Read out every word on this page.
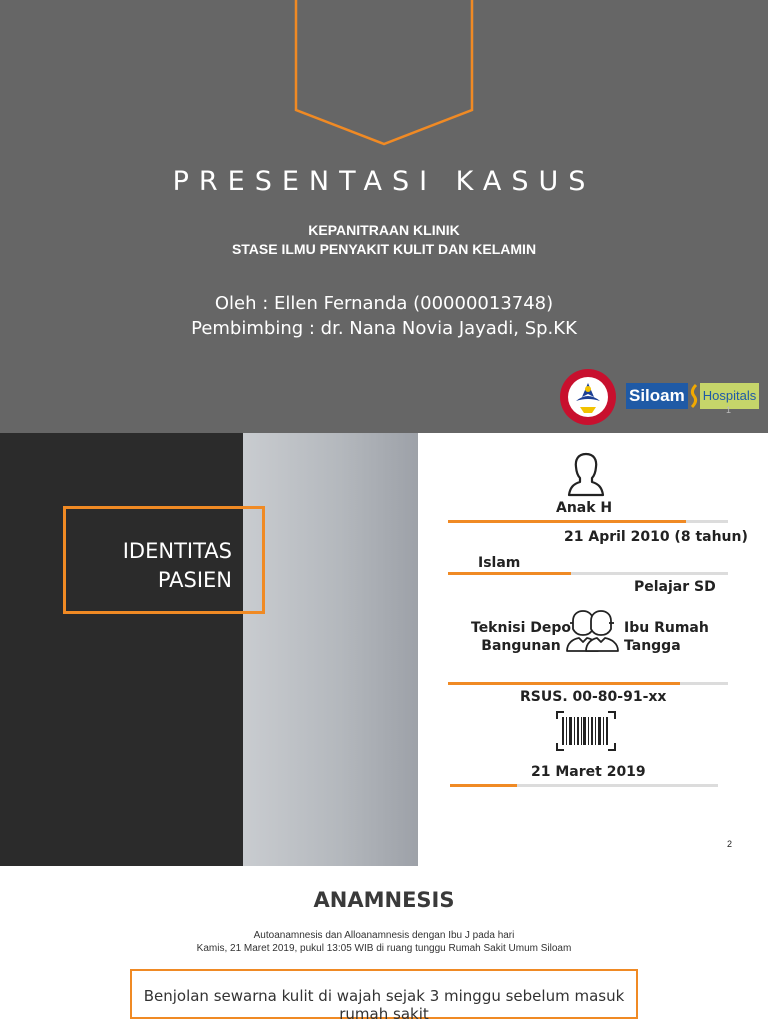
PRESENTASI KASUS
KEPANITRAAN KLINIK
STASE ILMU PENYAKIT KULIT DAN KELAMIN
Oleh : Ellen Fernanda (00000013748)
Pembimbing : dr. Nana Novia Jayadi, Sp.KK
Siloam Hospitals
1
IDENTITAS
PASIEN
Anak H
21 April 2010 (8 tahun)
Islam
Pelajar SD
Teknisi Depo
Bangunan
Ibu Rumah
Tangga
RSUS. 00-80-91-xx
21 Maret 2019
2
ANAMNESIS
Autoanamnesis dan Alloanamnesis dengan Ibu J pada hari
Kamis, 21 Maret 2019, pukul 13:05 WIB di ruang tunggu Rumah Sakit Umum Siloam
Benjolan sewarna kulit di wajah sejak 3 minggu sebelum masuk rumah sakit
